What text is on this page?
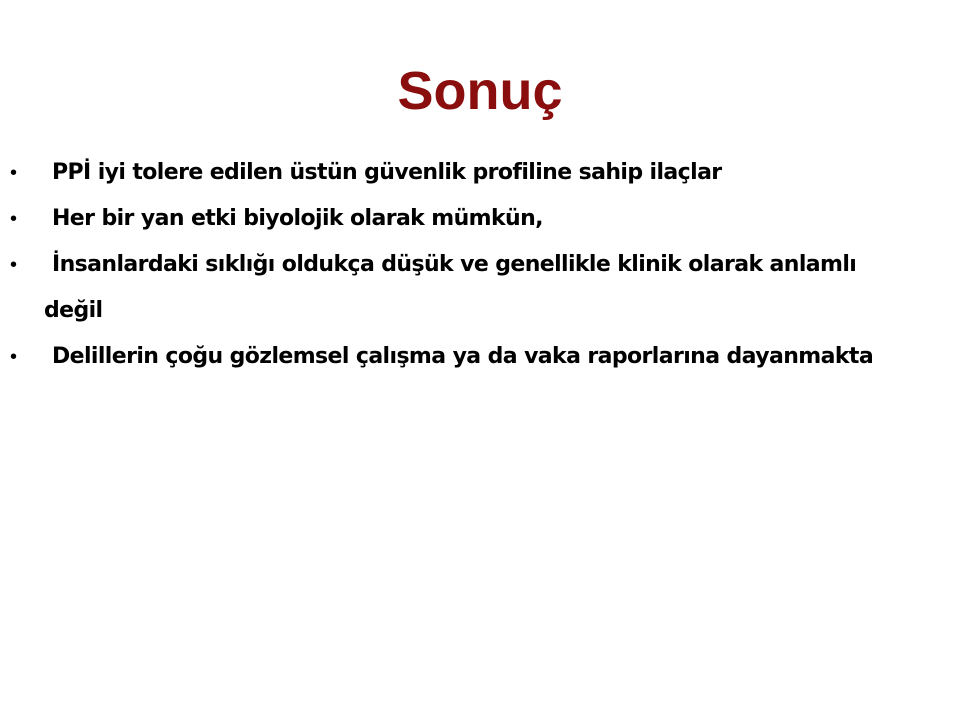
Sonuç
• PPİ iyi tolere edilen üstün güvenlik profiline sahip ilaçlar
• Her bir yan etki biyolojik olarak mümkün,
• İnsanlardaki sıklığı oldukça düşük ve genellikle klinik olarak anlamlı
değil
• Delillerin çoğu gözlemsel çalışma ya da vaka raporlarına dayanmakta
